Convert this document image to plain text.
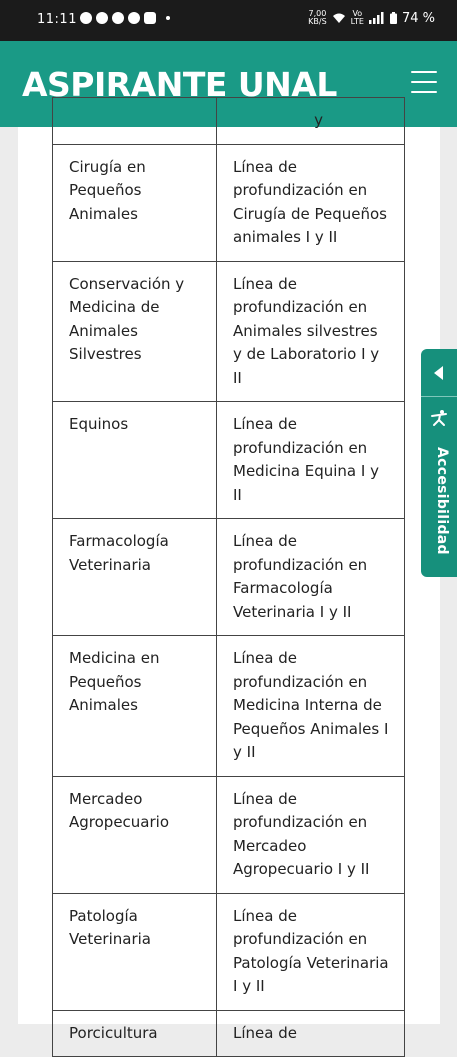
11:11	7,00
KB/S
Vo
LTE	74 %
ASPIRANTE UNAL
	y
Cirugía en Pequeños Animales	Línea de profundización en Cirugía de Pequeños animales I y II
Conservación y Medicina de Animales Silvestres	Línea de profundización en Animales silvestres y de Laboratorio I y II
Equinos	Línea de profundización en Medicina Equina I y II
Farmacología Veterinaria	Línea de profundización en Farmacología Veterinaria I y II
Medicina en Pequeños Animales	Línea de profundización en Medicina Interna de Pequeños Animales I y II
Mercadeo Agropecuario	Línea de profundización en Mercadeo Agropecuario I y II
Patología Veterinaria	Línea de profundización en Patología Veterinaria I y II
Porcicultura	Línea de
Accesibilidad
